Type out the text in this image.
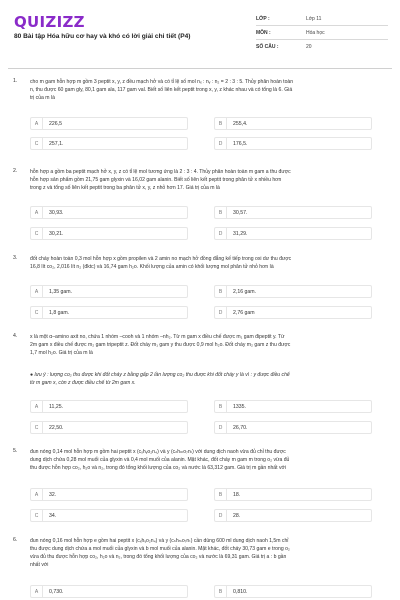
QUIZIZZ
80 Bài tập Hóa hữu cơ hay và khó có lời giải chi tiết (P4)
LỚP :	Lớp 11
MÔN :	Hóa học
SỐ CÂU :	20
1. cho m gam hỗn hợp m gồm 3 peptit x, y, z đều mạch hở và có tỉ lệ số mol nₓ : nᵧ : n₂ = 2 : 3 : 5. Thủy phân hoàn toàn
n, thu được 60 gam gly, 80,1 gam ala, 117 gam val. Biết số liên kết peptit trong x, y, z khác nhau và có tổng là 6. Giá
trị của m là
A	226,5	B	255,4.
C	257,1.	D	176,5.
2. hỗn hợp a gồm ba peptit mạch hở x, y, z có tỉ lệ mol tương ứng là 2 : 3 : 4. Thủy phân hoàn toàn m gam a thu được
hỗn hợp sản phẩm gồm 21,75 gam glyxin và 16,02 gam alanin. Biết số liên kết peptit trong phân tử x nhiều hơn
trong z và tổng số liên kết peptit trong ba phân tử x, y, z nhỏ hơn 17. Giá trị của m là
A	30,93.	B	30,57.
C	30,21.	D	31,29.
3. đốt cháy hoàn toàn 0,3 mol hỗn hợp x gồm propilen và 2 amin no mạch hở đồng đẳng kế tiếp trong oxi dư thu được
16,8 lít co₂, 2,016 lít n₂ (đktc) và 16,74 gam h₂o. Khối lượng của amin có khối lượng mol phân tử nhỏ hơn là
A	1,35 gam.	B	2,16 gam.
C	1,8 gam.	D	2,76 gam
4. x là một α–amino axit no, chứa 1 nhóm –cooh và 1 nhóm –nh₂. Từ m gam x điều chế được m₁ gam đipeptit y. Từ
2m gam x điều chế được m₂ gam tripeptit z. Đốt cháy m₁ gam y thu được 0,9 mol h₂o. Đốt cháy m₂ gam z thu được
1,7 mol h₂o. Giá trị của m là
● lưu ý : lượng co₂ thu được khi đốt cháy z bằng gấp 2 lần lượng co₂ thu được khi đốt cháy y là vì : y được điều chế
từ m gam x, còn z được điều chế từ 2m gam x.
A	11,25.	B	1335.
C	22,50.	D	26,70.
5. đun nóng 0,14 mol hỗn hợp m gồm hai peptit x (cₓhᵧo₂n₄) và y (cₙhₘo₇nₜ) với dung dịch naoh vừa đủ chỉ thu được
dung dịch chứa 0,28 mol muối của glyxin và 0,4 mol muối của alanin. Mặt khác, đốt cháy m gam m trong o₂ vừa đủ
thu được hỗn hợp co₂, h₂o và n₂, trong đó tổng khối lượng của co₂ và nước là 63,312 gam. Giá trị m gần nhất với
A	32.	B	18.
C	34.	D	28.
6. đun nóng 0,16 mol hỗn hợp e gồm hai peptit x (cₓhᵧo₂n₄) và y (cₙhₘo₇nₜ) cần dùng 600 ml dung dịch naoh 1,5m chỉ
thu được dung dịch chứa a mol muối của glyxin và b mol muối của alanin. Mặt khác, đốt cháy 30,73 gam e trong o₂
vừa đủ thu được hỗn hợp co₂, h₂o và n₂, trong đó tổng khối lượng của co₂ và nước là 69,31 gam. Giá trị a : b gần
nhất với
A	0,730.	B	0,810.
